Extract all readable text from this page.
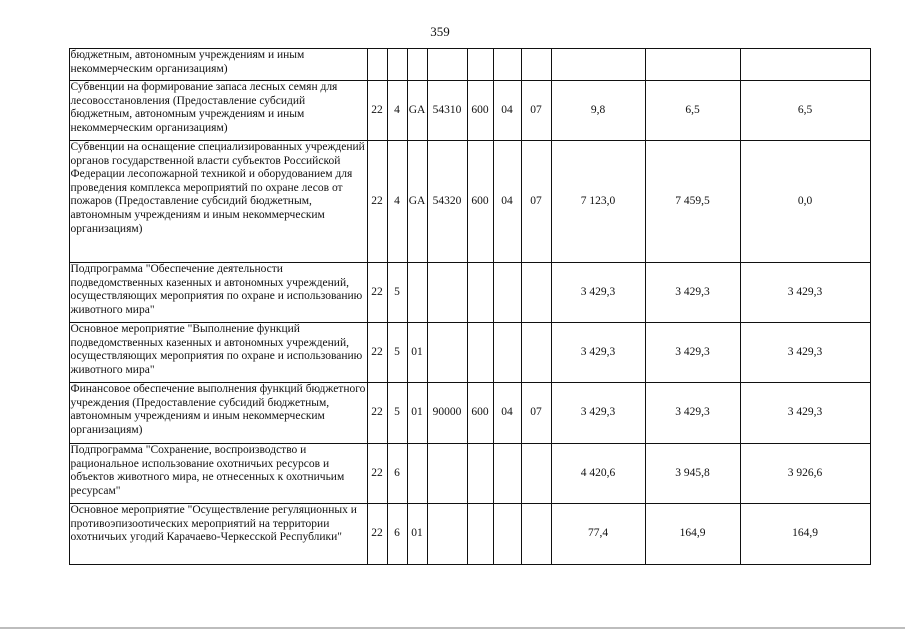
359
	бюджетным, автономным учреждениям и иным некоммерческим организациям)										
	Субвенции на формирование запаса лесных семян для лесовосстановления (Предоставление субсидий бюджетным, автономным учреждениям и иным некоммерческим организациям)	22	4	GA	54310	600	04	07	9,8	6,5	6,5
	Субвенции на оснащение специализированных учреждений органов государственной власти субъектов Российской Федерации лесопожарной техникой и оборудованием для проведения комплекса мероприятий по охране лесов от пожаров (Предоставление субсидий бюджетным, автономным учреждениям и иным некоммерческим организациям)	22	4	GA	54320	600	04	07	7 123,0	7 459,5	0,0
	Подпрограмма "Обеспечение деятельности подведомственных казенных и автономных учреждений, осуществляющих мероприятия по охране и использованию животного мира"	22	5						3 429,3	3 429,3	3 429,3
	Основное мероприятие "Выполнение функций подведомственных казенных и автономных учреждений, осуществляющих мероприятия по охране и использованию животного мира"	22	5	01					3 429,3	3 429,3	3 429,3
	Финансовое обеспечение выполнения функций бюджетного учреждения (Предоставление субсидий бюджетным, автономным учреждениям и иным некоммерческим организациям)	22	5	01	90000	600	04	07	3 429,3	3 429,3	3 429,3
	Подпрограмма "Сохранение, воспроизводство и рациональное использование охотничьих ресурсов и объектов животного мира, не отнесенных к охотничьим ресурсам"	22	6						4 420,6	3 945,8	3 926,6
	Основное мероприятие "Осуществление регуляционных и противоэпизоотических мероприятий на территории охотничьих угодий Карачаево-Черкесской Республики"	22	6	01					77,4	164,9	164,9
